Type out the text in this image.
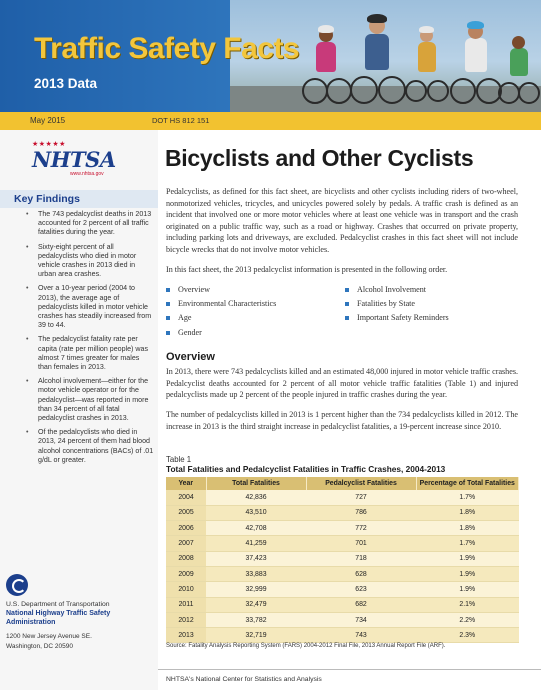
Traffic Safety Facts
2013 Data
May 2015	DOT HS 812 151
★★★★★
NHTSA
www.nhtsa.gov
Key Findings
• The 743 pedalcyclist deaths in 2013 accounted for 2 percent of all traffic fatalities during the year.
• Sixty-eight percent of all pedalcyclists who died in motor vehicle crashes in 2013 died in urban area crashes.
• Over a 10-year period (2004 to 2013), the average age of pedalcyclists killed in motor vehicle crashes has steadily increased from 39 to 44.
• The pedalcyclist fatality rate per capita (rate per million people) was almost 7 times greater for males than females in 2013.
• Alcohol involvement—either for the motor vehicle operator or for the pedalcyclist—was reported in more than 34 percent of all fatal pedalcyclist crashes in 2013.
• Of the pedalcyclists who died in 2013, 24 percent of them had blood alcohol concentrations (BACs) of .01 g/dL or greater.
U.S. Department of Transportation
National Highway Traffic Safety
Administration
1200 New Jersey Avenue SE.
Washington, DC 20590
Bicyclists and Other Cyclists

Pedalcyclists, as defined for this fact sheet, are bicyclists and other cyclists including riders of two-wheel, nonmotorized vehicles, tricycles, and unicycles powered solely by pedals. A traffic crash is defined as an incident that involved one or more motor vehicles where at least one vehicle was in transport and the crash originated on a public traffic way, such as a road or highway. Crashes that occurred on private property, including parking lots and driveways, are excluded. Pedalcyclist crashes in this fact sheet will not include bicycle wrecks that do not involve motor vehicles.

In this fact sheet, the 2013 pedalcyclist information is presented in the following order.

Overview
Environmental Characteristics
Age
Gender
Alcohol Involvement
Fatalities by State
Important Safety Reminders
Overview

In 2013, there were 743 pedalcyclists killed and an estimated 48,000 injured in motor vehicle traffic crashes. Pedalcyclist deaths accounted for 2 percent of all motor vehicle traffic fatalities (Table 1) and injured pedalcyclists made up 2 percent of the people injured in traffic crashes during the year.

The number of pedalcyclists killed in 2013 is 1 percent higher than the 734 pedalcyclists killed in 2012. The increase in 2013 is the third straight increase in pedalcyclist fatalities, a 19-percent increase since 2010.

Table 1
Total Fatalities and Pedalcyclist Fatalities in Traffic Crashes, 2004-2013
Year	Total Fatalities	Pedalcyclist Fatalities	Percentage of Total Fatalities
2004	42,836	727	1.7%
2005	43,510	786	1.8%
2006	42,708	772	1.8%
2007	41,259	701	1.7%
2008	37,423	718	1.9%
2009	33,883	628	1.9%
2010	32,999	623	1.9%
2011	32,479	682	2.1%
2012	33,782	734	2.2%
2013	32,719	743	2.3%
Source: Fatality Analysis Reporting System (FARS) 2004-2012 Final File, 2013 Annual Report File (ARF).
NHTSA's National Center for Statistics and Analysis
